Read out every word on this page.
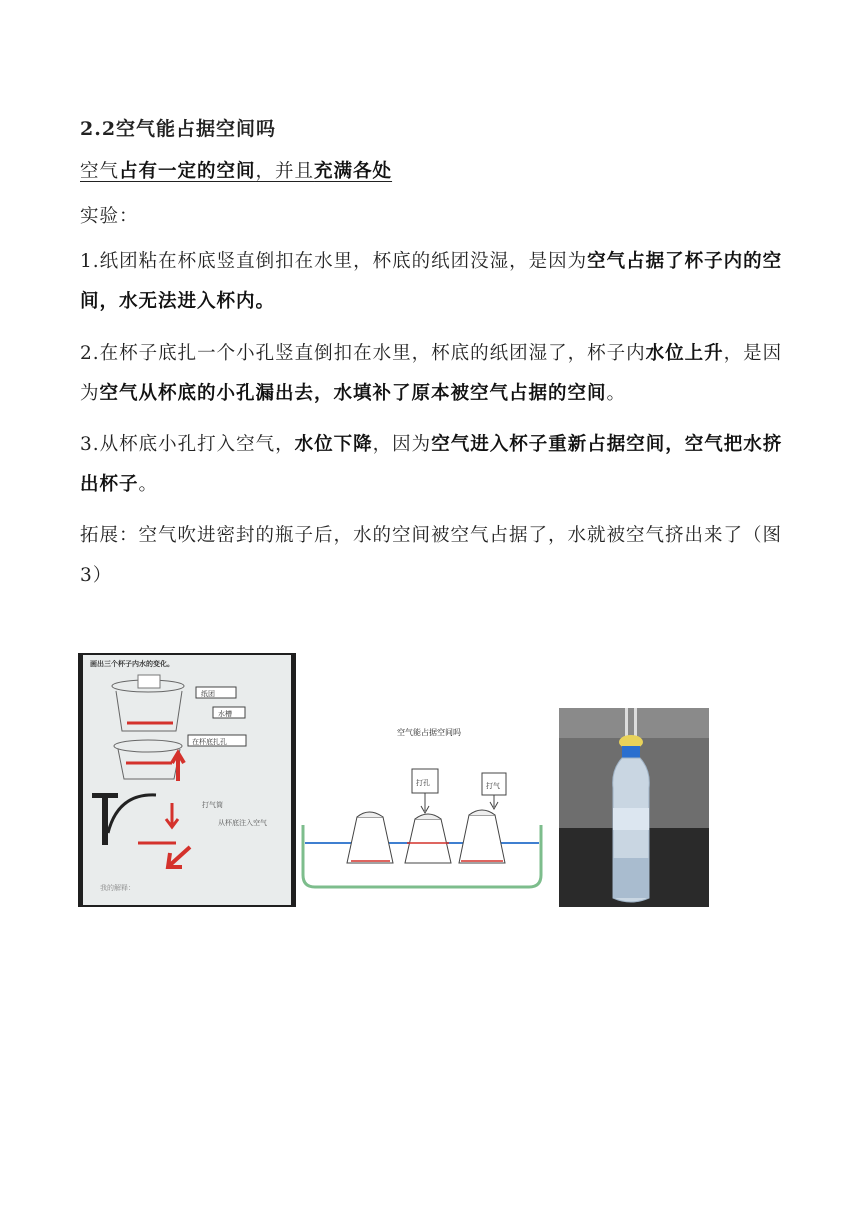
2.2空气能占据空间吗
空气占有一定的空间，并且充满各处
实验：
1.纸团粘在杯底竖直倒扣在水里，杯底的纸团没湿，是因为空气占据了杯子内的空间，水无法进入杯内。
2.在杯子底扎一个小孔竖直倒扣在水里，杯底的纸团湿了，杯子内水位上升，是因为空气从杯底的小孔漏出去，水填补了原本被空气占据的空间。
3.从杯底小孔打入空气，水位下降，因为空气进入杯子重新占据空间，空气把水挤出杯子。
拓展：空气吹进密封的瓶子后，水的空间被空气占据了，水就被空气挤出来了（图3）
画出三个杯子内水的变化。
纸团
水槽
在杯底扎孔
打气筒
从杯底注入空气
我的解释：
空气能占据空间吗
打孔	打气
